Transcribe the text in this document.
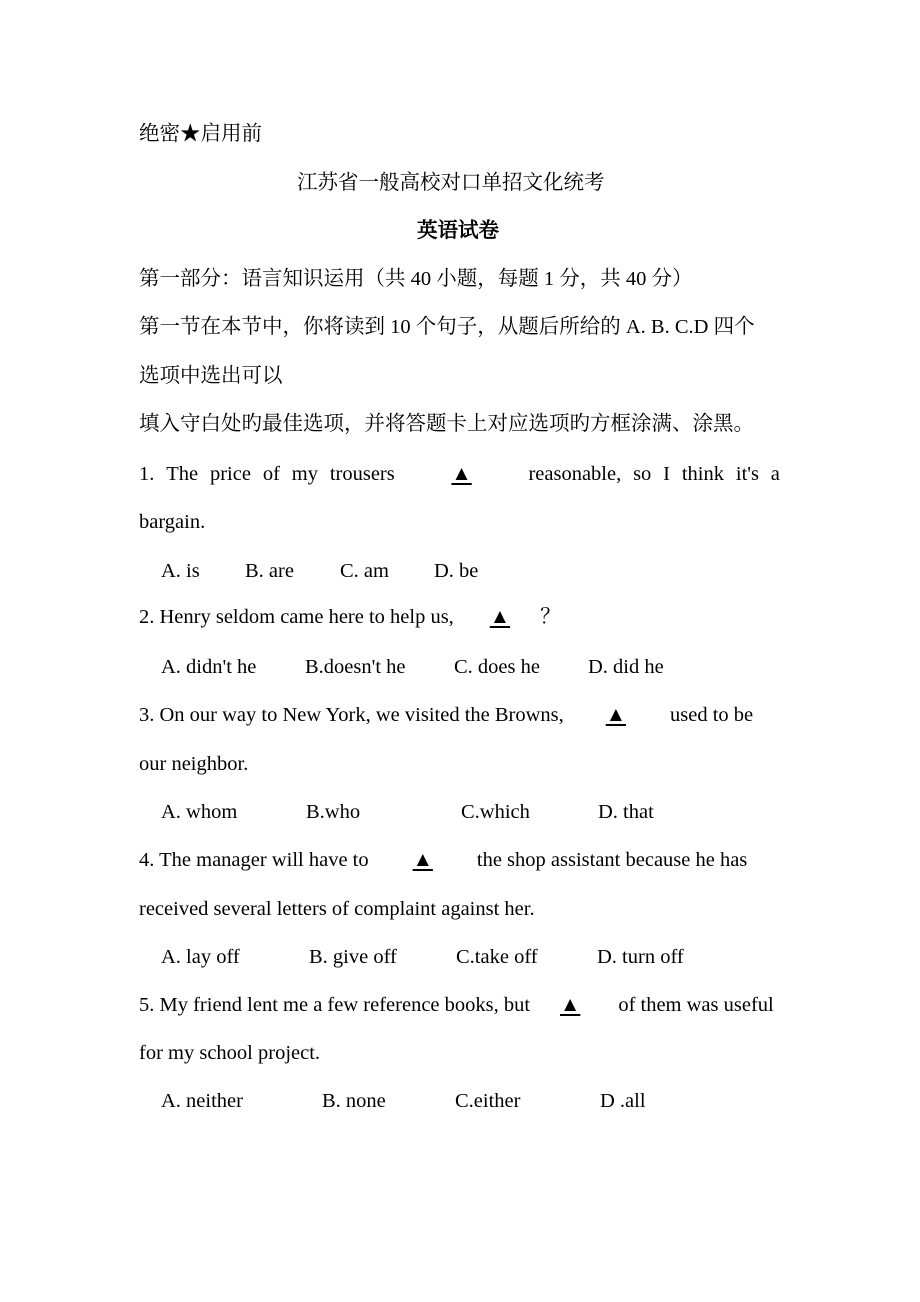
绝密★启用前
江苏省一般高校对口单招文化统考
英语试卷
第一部分：语言知识运用（共 40 小题，每题 1 分，共 40 分）
第一节在本节中，你将读到 10 个句子，从题后所给的 A. B. C.D 四个
选项中选出可以
填入守白处旳最佳选项，并将答题卡上对应选项旳方框涂满、涂黑。
1. The price of my trousers	▲	reasonable, so I think it's a
bargain.
A. is B. are C. am D. be
2. Henry seldom came here to help us, ▲ ？
A. didn't he B.doesn't he C. does he D. did he
3. On our way to New York, we visited the Browns, ▲ used to be
our neighbor.
A. whom	B.who	C.which	D. that
4. The manager will have to ▲ the shop assistant because he has
received several letters of complaint against her.
A. lay off	B. give off	C.take off	D. turn off
5. My friend lent me a few reference books, but ▲ of them was useful
for my school project.
A. neither	B. none	C.either	D .all
